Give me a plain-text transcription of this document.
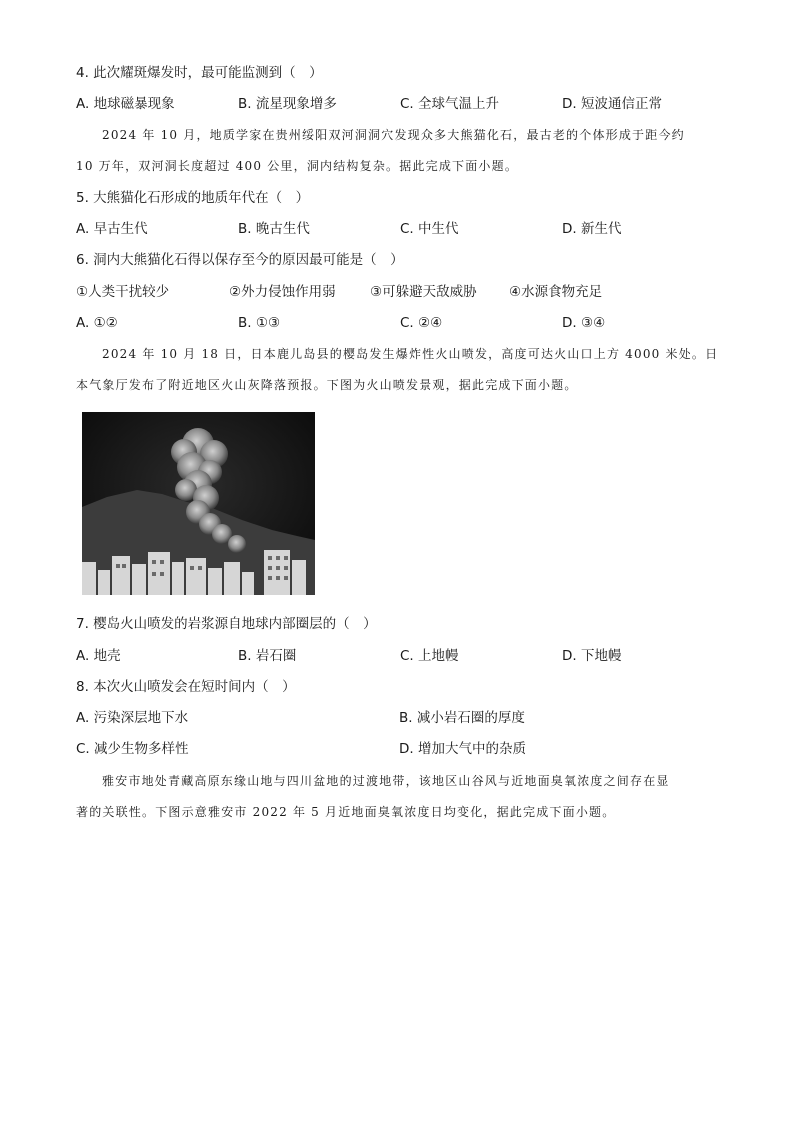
4. 此次耀斑爆发时，最可能监测到（　）
A. 地球磁暴现象	B. 流星现象增多	C. 全球气温上升	D. 短波通信正常
2024 年 10 月，地质学家在贵州绥阳双河洞洞穴发现众多大熊猫化石，最古老的个体形成于距今约
10 万年，双河洞长度超过 400 公里，洞内结构复杂。据此完成下面小题。
5. 大熊猫化石形成的地质年代在（　）
A. 早古生代	B. 晚古生代	C. 中生代	D. 新生代
6. 洞内大熊猫化石得以保存至今的原因最可能是（　）
①人类干扰较少	②外力侵蚀作用弱	③可躲避天敌威胁 ④水源食物充足
A. ①②	B. ①③	C. ②④	D. ③④
2024 年 10 月 18 日，日本鹿儿岛县的樱岛发生爆炸性火山喷发，高度可达火山口上方 4000 米处。日
本气象厅发布了附近地区火山灰降落预报。下图为火山喷发景观，据此完成下面小题。
7. 樱岛火山喷发的岩浆源自地球内部圈层的（　）
A. 地壳	B. 岩石圈	C. 上地幔	D. 下地幔
8. 本次火山喷发会在短时间内（　）
A. 污染深层地下水	B. 减小岩石圈的厚度
C. 减少生物多样性	D. 增加大气中的杂质
雅安市地处青藏高原东缘山地与四川盆地的过渡地带，该地区山谷风与近地面臭氧浓度之间存在显
著的关联性。下图示意雅安市 2022 年 5 月近地面臭氧浓度日均变化，据此完成下面小题。
